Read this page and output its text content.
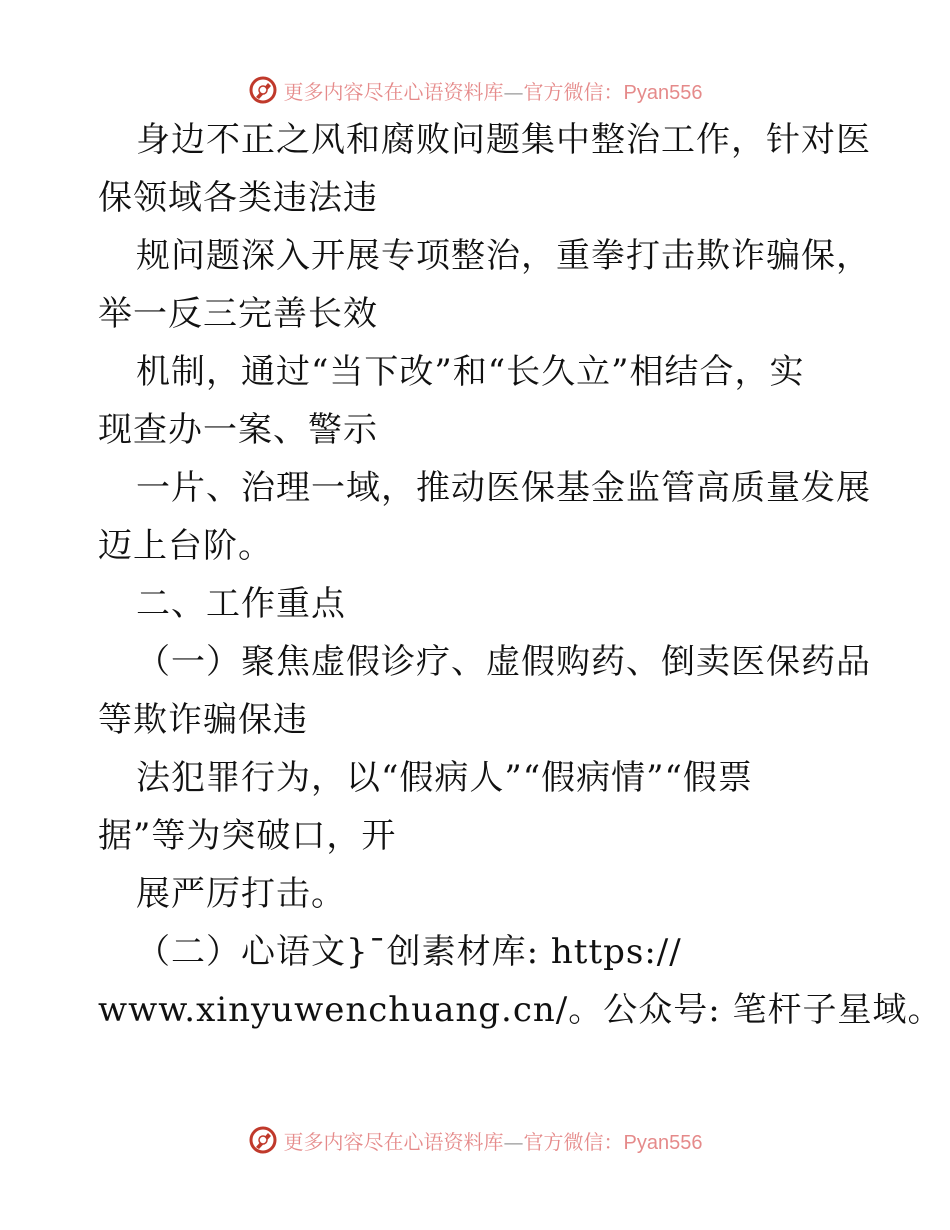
更多内容尽在心语资料库—官方微信：Pyan556
身边不正之风和腐败问题集中整治工作，针对医
保领域各类违法违
规问题深入开展专项整治，重拳打击欺诈骗保，
举一反三完善长效
机制，通过“当下改”和“长久立”相结合，实
现查办一案、警示
一片、治理一域，推动医保基金监管高质量发展
迈上台阶。
二、工作重点
（一）聚焦虚假诊疗、虚假购药、倒卖医保药品
等欺诈骗保违
法犯罪行为，以“假病人”“假病情”“假票
据”等为突破口，开
展严厉打击。
（二）心语文}¯创素材库: https://
www.xinyuwenchuang.cn/。公众号: 笔杆子星域。
更多内容尽在心语资料库—官方微信：Pyan556
